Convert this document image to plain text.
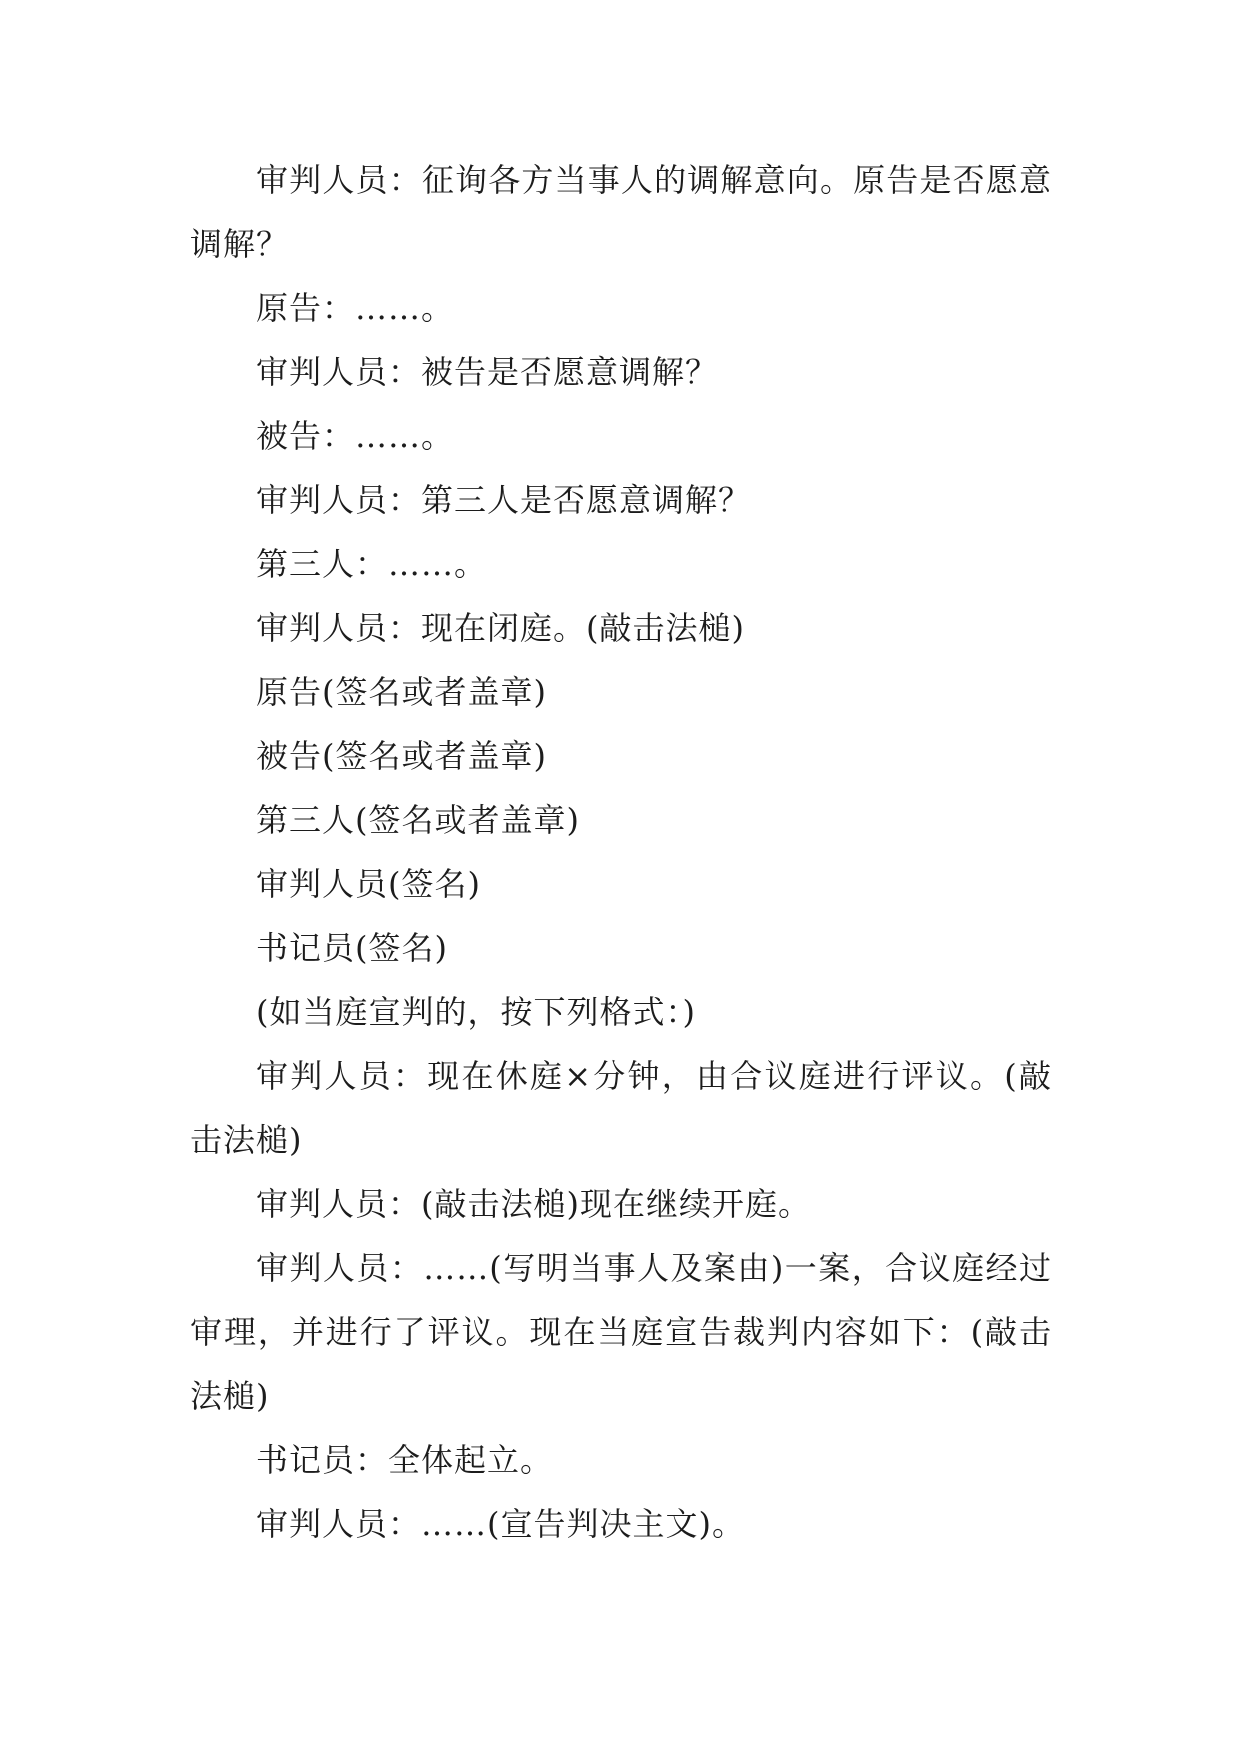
审判人员：征询各方当事人的调解意向。原告是否愿意调解？

原告：……。

审判人员：被告是否愿意调解？

被告：……。

审判人员：第三人是否愿意调解？

第三人：……。

审判人员：现在闭庭。(敲击法槌)

原告(签名或者盖章)

被告(签名或者盖章)

第三人(签名或者盖章)

审判人员(签名)

书记员(签名)

(如当庭宣判的，按下列格式：)

审判人员：现在休庭×分钟，由合议庭进行评议。(敲击法槌)

审判人员：(敲击法槌)现在继续开庭。

审判人员：……(写明当事人及案由)一案，合议庭经过审理，并进行了评议。现在当庭宣告裁判内容如下：(敲击法槌)

书记员：全体起立。

审判人员：……(宣告判决主文)。
